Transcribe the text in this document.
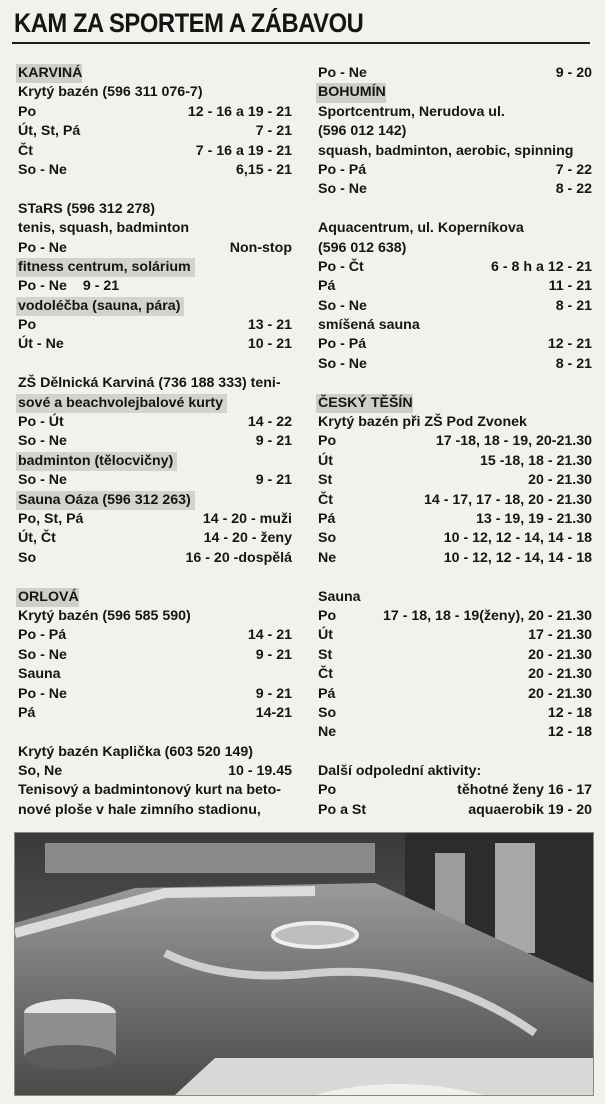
KAM ZA SPORTEM A ZÁBAVOU
KARVINÁ
Krytý bazén (596 311 076-7)
Po	12 - 16 a 19 - 21
Út, St, Pá	7 - 21
Čt	7 - 16 a 19 - 21
So - Ne	6,15 - 21
STaRS (596 312 278)
tenis, squash, badminton
Po - Ne	Non-stop
fitness centrum, solárium
Po - Ne 9 - 21
vodoléčba (sauna, pára)
Po	13 - 21
Út - Ne	10 - 21
ZŠ Dělnická Karviná (736 188 333) teni-
sové a beachvolejbalové kurty
Po - Út	14 - 22
So - Ne	9 - 21
badminton (tělocvičny)
So - Ne	9 - 21
Sauna Oáza (596 312 263)
Po, St, Pá	14 - 20 - muži
Út, Čt	14 - 20 - ženy
So	16 - 20 -dospělá
ORLOVÁ
Krytý bazén (596 585 590)
Po - Pá	14 - 21
So - Ne	9 - 21
Sauna
Po - Ne	9 - 21
Pá	14-21
Krytý bazén Kaplička (603 520 149)
So, Ne	10 - 19.45
Tenisový a badmintonový kurt na beto-
nové ploše v hale zimního stadionu,
Po - Ne	9 - 20
BOHUMÍN
Sportcentrum, Nerudova ul.
(596 012 142)
squash, badminton, aerobic, spinning
Po - Pá	7 - 22
So - Ne	8 - 22
Aquacentrum, ul. Koperníkova
(596 012 638)
Po - Čt	6 - 8 h a 12 - 21
Pá	11 - 21
So - Ne	8 - 21
smíšená sauna
Po - Pá	12 - 21
So - Ne	8 - 21
ČESKÝ TĚŠÍN
Krytý bazén při ZŠ Pod Zvonek
Po	17 -18, 18 - 19, 20-21.30
Út	15 -18, 18 - 21.30
St	20 - 21.30
Čt	14 - 17, 17 - 18, 20 - 21.30
Pá	13 - 19, 19 - 21.30
So	10 - 12, 12 - 14, 14 - 18
Ne	10 - 12, 12 - 14, 14 - 18
Sauna
Po	17 - 18, 18 - 19(ženy), 20 - 21.30
Út	17 - 21.30
St	20 - 21.30
Čt	20 - 21.30
Pá	20 - 21.30
So	12 - 18
Ne	12 - 18
Další odpolední aktivity:
Po	těhotné ženy 16 - 17
Po a St	aquaerobik 19 - 20
